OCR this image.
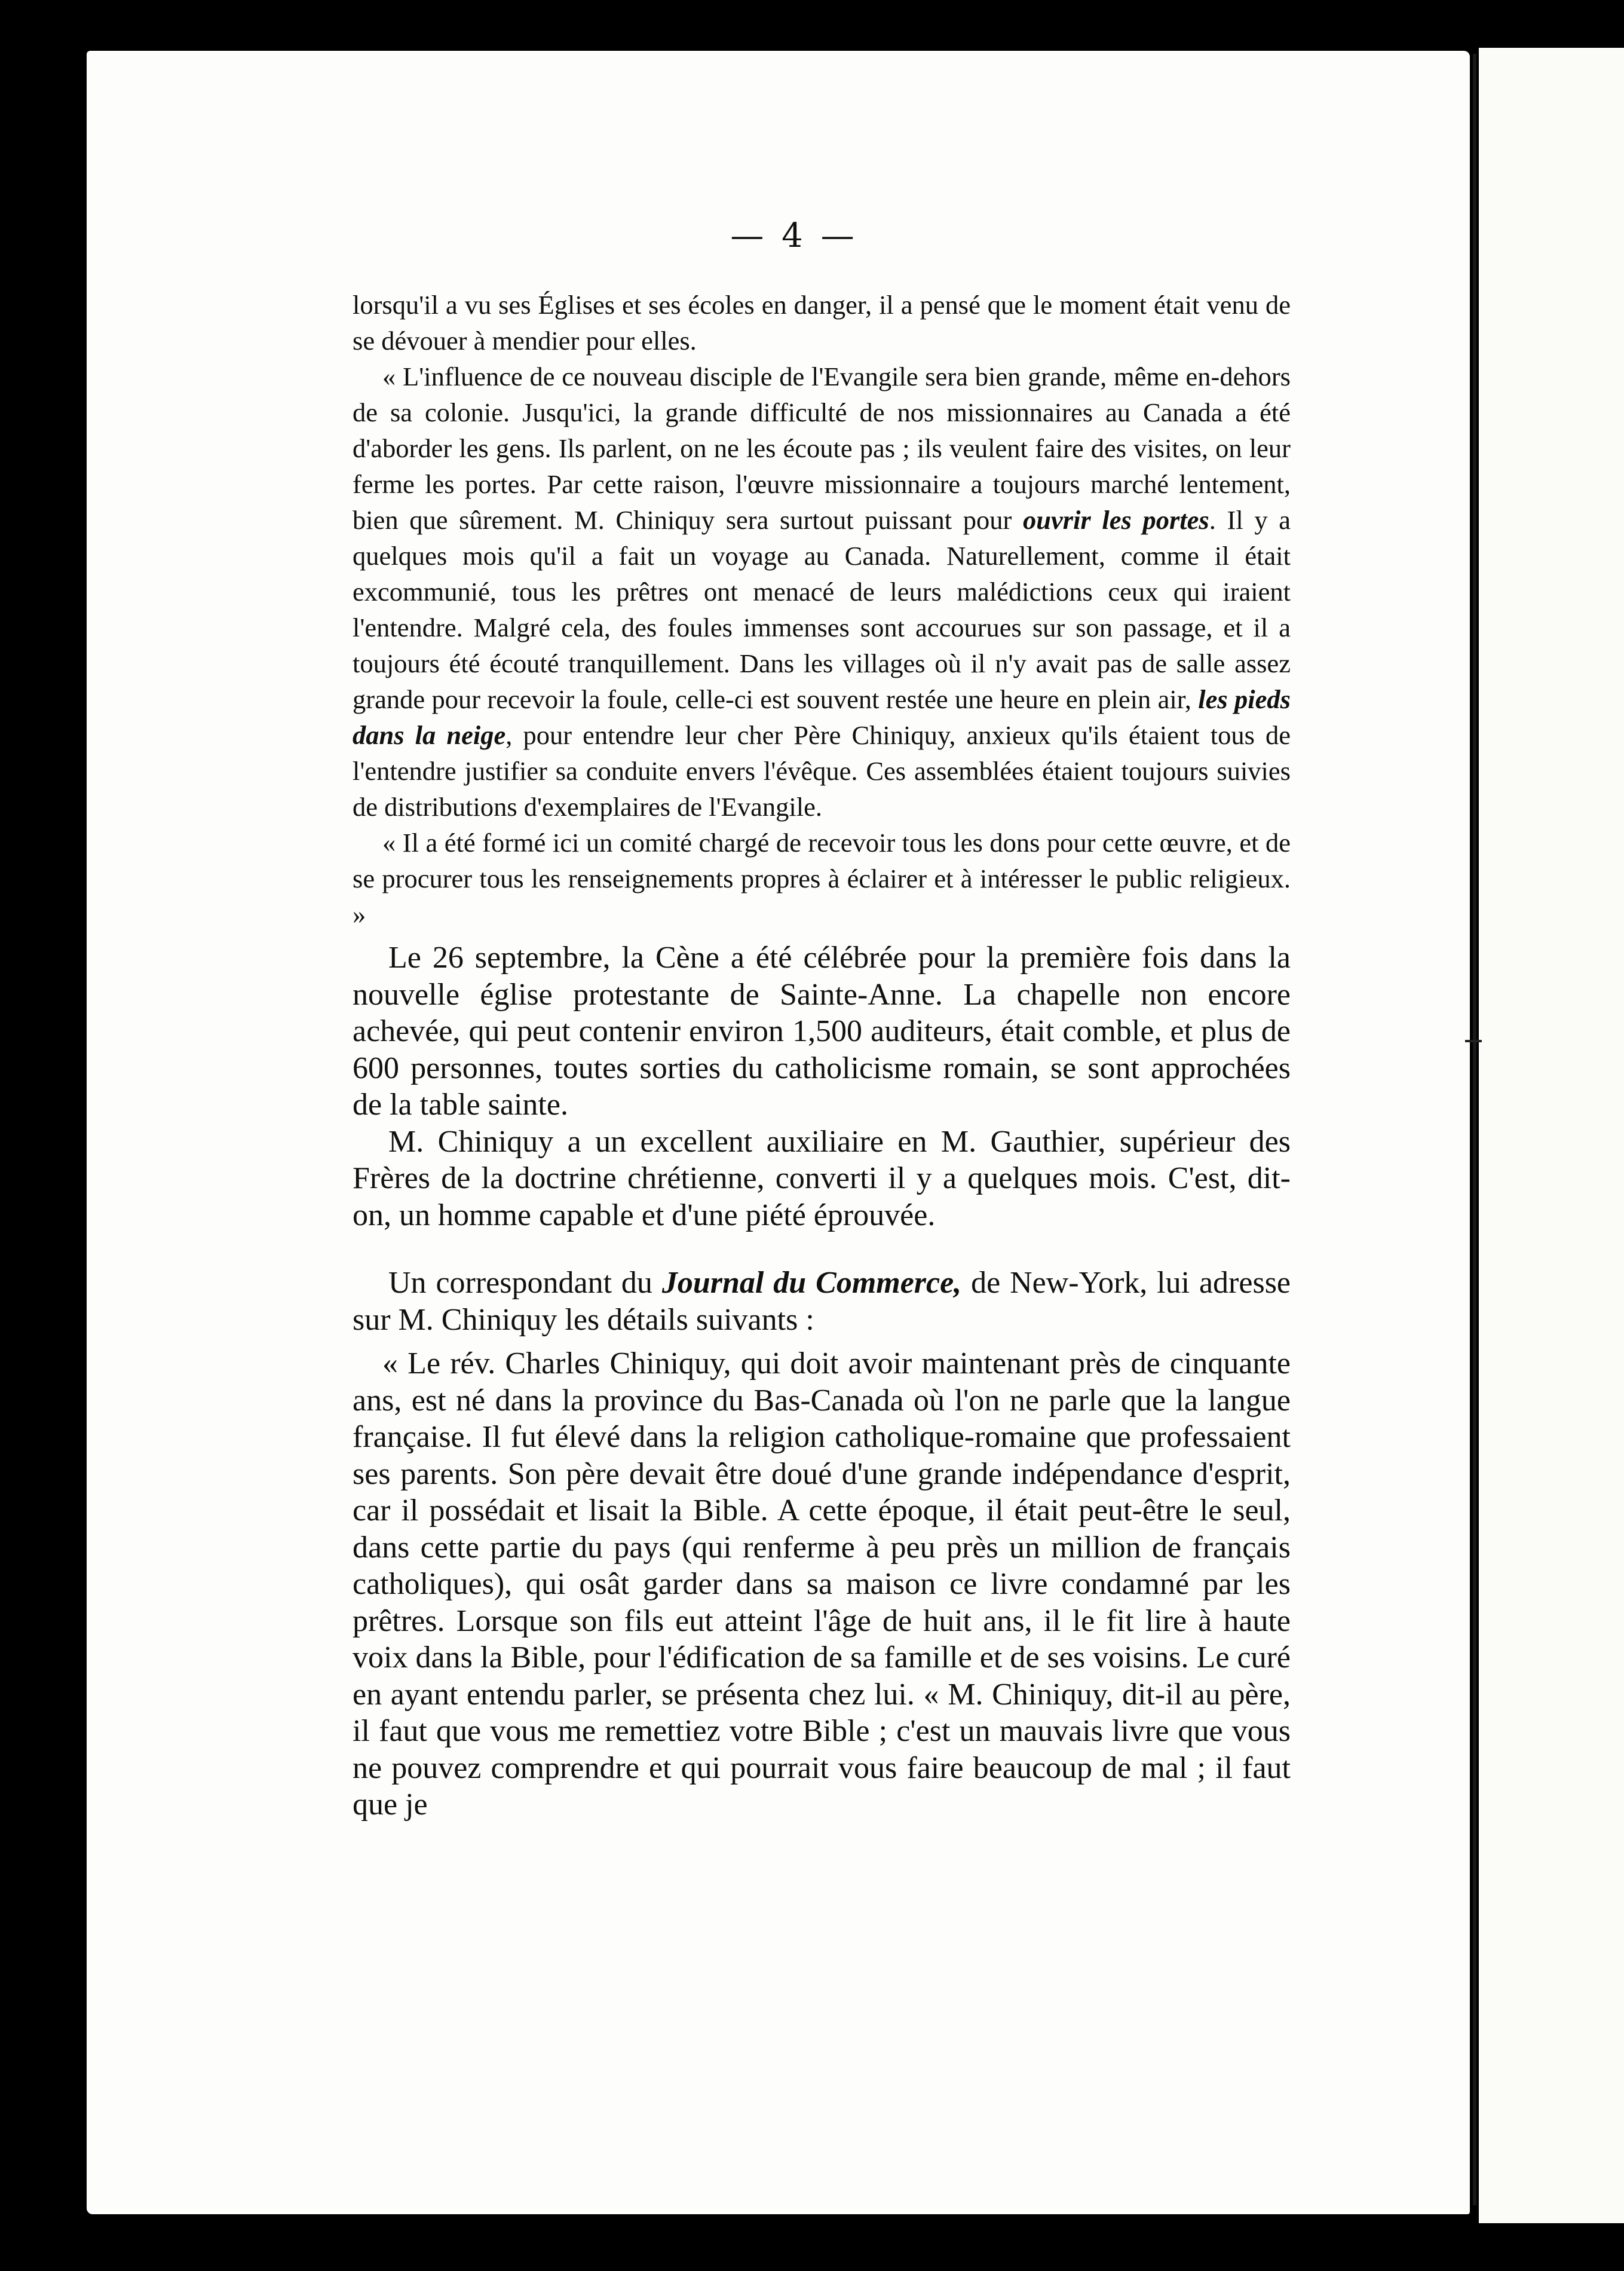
— 4 —

lorsqu'il a vu ses Églises et ses écoles en danger, il a pensé que le moment était venu de se dévouer à mendier pour elles.

« L'influence de ce nouveau disciple de l'Evangile sera bien grande, même en-dehors de sa colonie. Jusqu'ici, la grande difficulté de nos missionnaires au Canada a été d'aborder les gens. Ils parlent, on ne les écoute pas ; ils veulent faire des visites, on leur ferme les portes. Par cette raison, l'œuvre missionnaire a toujours marché lentement, bien que sûrement. M. Chiniquy sera surtout puissant pour ouvrir les portes. Il y a quelques mois qu'il a fait un voyage au Canada. Naturellement, comme il était excommunié, tous les prêtres ont menacé de leurs malédictions ceux qui iraient l'entendre. Malgré cela, des foules immenses sont accourues sur son passage, et il a toujours été écouté tranquillement. Dans les villages où il n'y avait pas de salle assez grande pour recevoir la foule, celle-ci est souvent restée une heure en plein air, les pieds dans la neige, pour entendre leur cher Père Chiniquy, anxieux qu'ils étaient tous de l'entendre justifier sa conduite envers l'évêque. Ces assemblées étaient toujours suivies de distributions d'exemplaires de l'Evangile.

« Il a été formé ici un comité chargé de recevoir tous les dons pour cette œuvre, et de se procurer tous les renseignements propres à éclairer et à intéresser le public religieux. »

Le 26 septembre, la Cène a été célébrée pour la première fois dans la nouvelle église protestante de Sainte-Anne. La chapelle non encore achevée, qui peut contenir environ 1,500 auditeurs, était comble, et plus de 600 personnes, toutes sorties du catholicisme romain, se sont approchées de la table sainte.

M. Chiniquy a un excellent auxiliaire en M. Gauthier, supérieur des Frères de la doctrine chrétienne, converti il y a quelques mois. C'est, dit-on, un homme capable et d'une piété éprouvée.

Un correspondant du Journal du Commerce, de New-York, lui adresse sur M. Chiniquy les détails suivants :

« Le rév. Charles Chiniquy, qui doit avoir maintenant près de cinquante ans, est né dans la province du Bas-Canada où l'on ne parle que la langue française. Il fut élevé dans la religion catholique-romaine que professaient ses parents. Son père devait être doué d'une grande indépendance d'esprit, car il possédait et lisait la Bible. A cette époque, il était peut-être le seul, dans cette partie du pays (qui renferme à peu près un million de français catholiques), qui osât garder dans sa maison ce livre condamné par les prêtres. Lorsque son fils eut atteint l'âge de huit ans, il le fit lire à haute voix dans la Bible, pour l'édification de sa famille et de ses voisins. Le curé en ayant entendu parler, se présenta chez lui. « M. Chiniquy, dit-il au père, il faut que vous me remettiez votre Bible ; c'est un mauvais livre que vous ne pouvez comprendre et qui pourrait vous faire beaucoup de mal ; il faut que je
